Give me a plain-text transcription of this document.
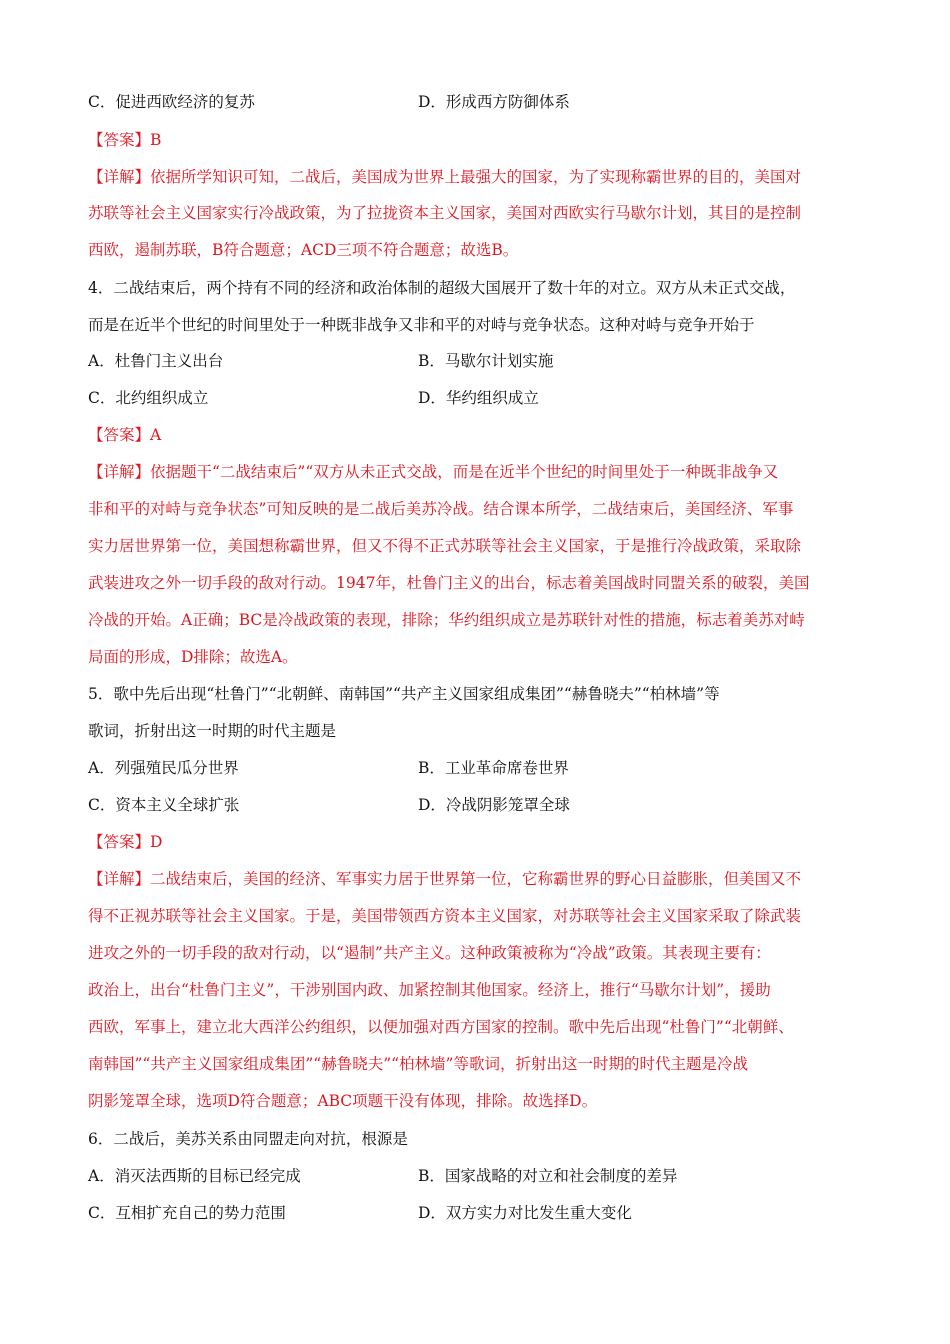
C．促进西欧经济的复苏	D．形成西方防御体系
【答案】B
【详解】依据所学知识可知，二战后，美国成为世界上最强大的国家，为了实现称霸世界的目的，美国对
苏联等社会主义国家实行冷战政策，为了拉拢资本主义国家，美国对西欧实行马歇尔计划，其目的是控制
西欧，遏制苏联，B符合题意；ACD三项不符合题意；故选B。
4．二战结束后，两个持有不同的经济和政治体制的超级大国展开了数十年的对立。双方从未正式交战，
而是在近半个世纪的时间里处于一种既非战争又非和平的对峙与竞争状态。这种对峙与竞争开始于
A．杜鲁门主义出台	B．马歇尔计划实施
C．北约组织成立	D．华约组织成立
【答案】A
【详解】依据题干“二战结束后”“双方从未正式交战，而是在近半个世纪的时间里处于一种既非战争又
非和平的对峙与竞争状态”可知反映的是二战后美苏冷战。结合课本所学，二战结束后，美国经济、军事
实力居世界第一位，美国想称霸世界，但又不得不正式苏联等社会主义国家，于是推行冷战政策，采取除
武装进攻之外一切手段的敌对行动。1947年，杜鲁门主义的出台，标志着美国战时同盟关系的破裂，美国
冷战的开始。A正确；BC是冷战政策的表现，排除；华约组织成立是苏联针对性的措施，标志着美苏对峙
局面的形成，D排除；故选A。
5．歌中先后出现“杜鲁门”“北朝鲜、南韩国”“共产主义国家组成集团”“赫鲁晓夫”“柏林墙”等
歌词，折射出这一时期的时代主题是
A．列强殖民瓜分世界	B．工业革命席卷世界
C．资本主义全球扩张	D．冷战阴影笼罩全球
【答案】D
【详解】二战结束后，美国的经济、军事实力居于世界第一位，它称霸世界的野心日益膨胀，但美国又不
得不正视苏联等社会主义国家。于是，美国带领西方资本主义国家，对苏联等社会主义国家采取了除武装
进攻之外的一切手段的敌对行动，以“遏制”共产主义。这种政策被称为“冷战”政策。其表现主要有：
政治上，出台“杜鲁门主义”，干涉别国内政、加紧控制其他国家。经济上，推行“马歇尔计划”，援助
西欧，军事上，建立北大西洋公约组织，以便加强对西方国家的控制。歌中先后出现“杜鲁门”“北朝鲜、
南韩国”“共产主义国家组成集团”“赫鲁晓夫”“柏林墙”等歌词，折射出这一时期的时代主题是冷战
阴影笼罩全球，选项D符合题意；ABC项题干没有体现，排除。故选择D。
6．二战后，美苏关系由同盟走向对抗，根源是
A．消灭法西斯的目标已经完成	B．国家战略的对立和社会制度的差异
C．互相扩充自己的势力范围	D．双方实力对比发生重大变化
